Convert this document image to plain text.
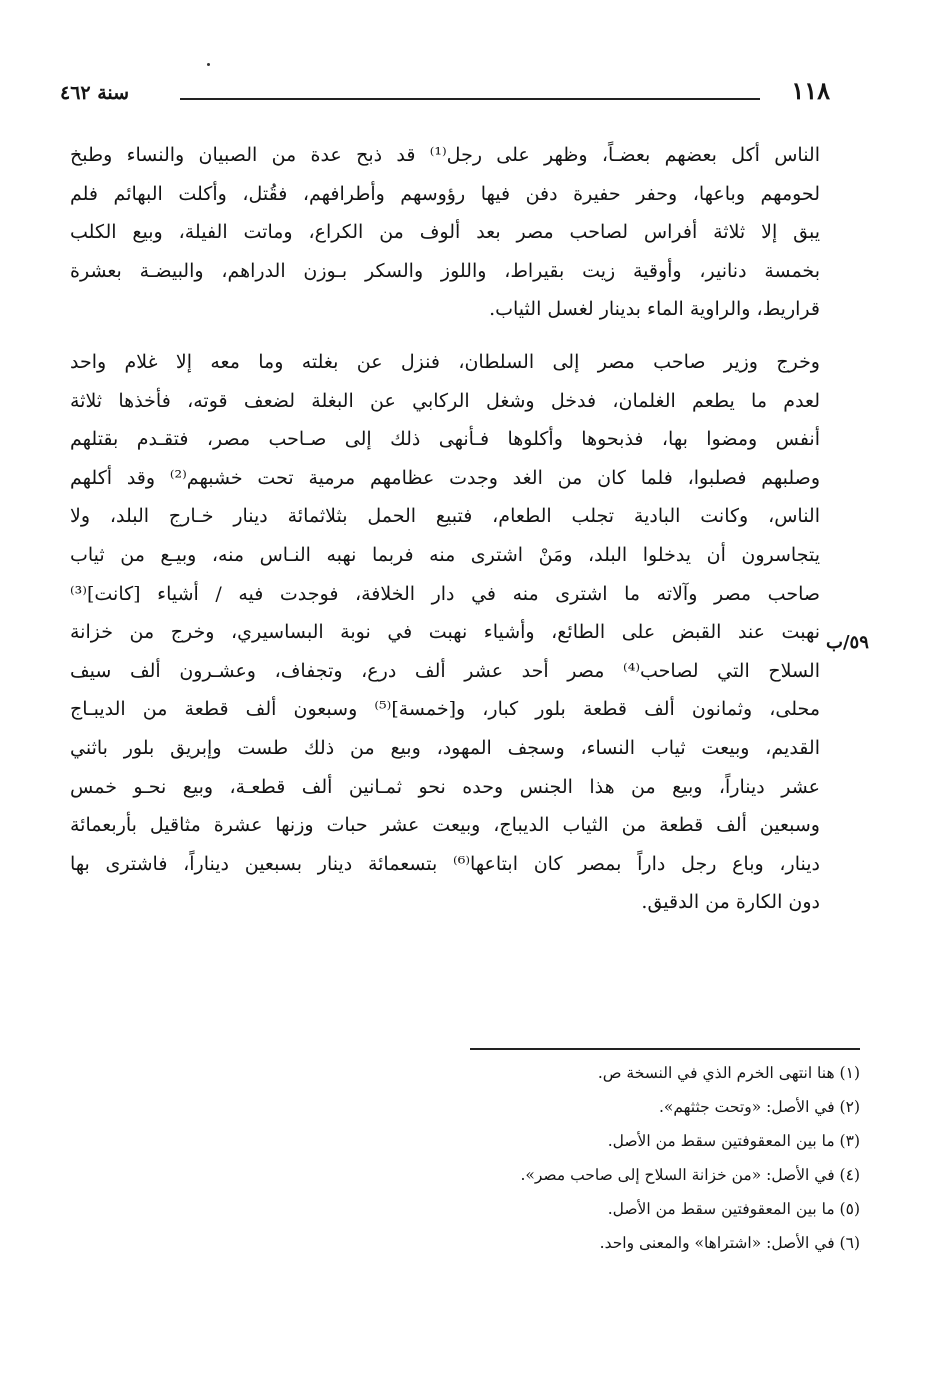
١١٨
سنة ٤٦٢
الناس أكل بعضهم بعضـاً، وظهر على رجل⁽¹⁾ قد ذبح عدة من الصبيان والنساء وطبخ
لحومهم وباعها، وحفر حفيرة دفن فيها رؤوسهم وأطرافهم، فقُتل، وأكلت البهائم فلم
يبق إلا ثلاثة أفراس لصاحب مصر بعد ألوف من الكراع، وماتت الفيلة، وبيع الكلب
بخمسة دنانير، وأوقية زيت بقيراط، واللوز والسكر بـوزن الدراهم، والبيضـة بعشرة
قراريط، والراوية الماء بدينار لغسل الثياب.
وخرج وزير صاحب مصر إلى السلطان، فنزل عن بغلته وما معه إلا غلام واحد
لعدم ما يطعم الغلمان، فدخل وشغل الركابي عن البغلة لضعف قوته، فأخذها ثلاثة
أنفس ومضوا بها، فذبحوها وأكلوها فـأنهى ذلك إلى صـاحب مصر، فتقـدم بقتلهم
وصلبهم فصلبوا، فلما كان من الغد وجدت عظامهم مرمية تحت خشبهم⁽²⁾ وقد أكلهم
الناس، وكانت البادية تجلب الطعام، فتبيع الحمل بثلاثمائة دينار خـارج البلد، ولا
يتجاسرون أن يدخلوا البلد، ومَنْ اشترى منه فربما نهبه النـاس منه، وبيـع من ثياب
صاحب مصر وآلاته ما اشترى منه في دار الخلافة، فوجدت فيه / أشياء [كانت]⁽³⁾
نهبت عند القبض على الطائع، وأشياء نهبت في نوبة البساسيري، وخرج من خزانة
السلاح التي لصاحب⁽⁴⁾ مصر أحد عشر ألف درع، وتجفاف، وعشـرون ألف سيف
محلى، وثمانون ألف قطعة بلور كبار، و[خمسة]⁽⁵⁾ وسبعون ألف قطعة من الديبـاج
القديم، وبيعت ثياب النساء، وسجف المهود، وبيع من ذلك طست وإبريق بلور باثني
عشر ديناراً، وبيع من هذا الجنس وحده نحو ثمـانين ألف قطعـة، وبيع نحـو خمس
وسبعين ألف قطعة من الثياب الديباج، وبيعت عشر حبات وزنها عشرة مثاقيل بأربعمائة
دينار، وباع رجل داراً بمصر كان ابتاعها⁽⁶⁾ بتسعمائة دينار بسبعين ديناراً، فاشترى بها
دون الكارة من الدقيق.
٥٩/ب
(١) هنا انتهى الخرم الذي في النسخة ص.
(٢) في الأصل: «وتحت جثثهم».
(٣) ما بين المعقوفتين سقط من الأصل.
(٤) في الأصل: «من خزانة السلاح إلى صاحب مصر».
(٥) ما بين المعقوفتين سقط من الأصل.
(٦) في الأصل: «اشتراها» والمعنى واحد.
